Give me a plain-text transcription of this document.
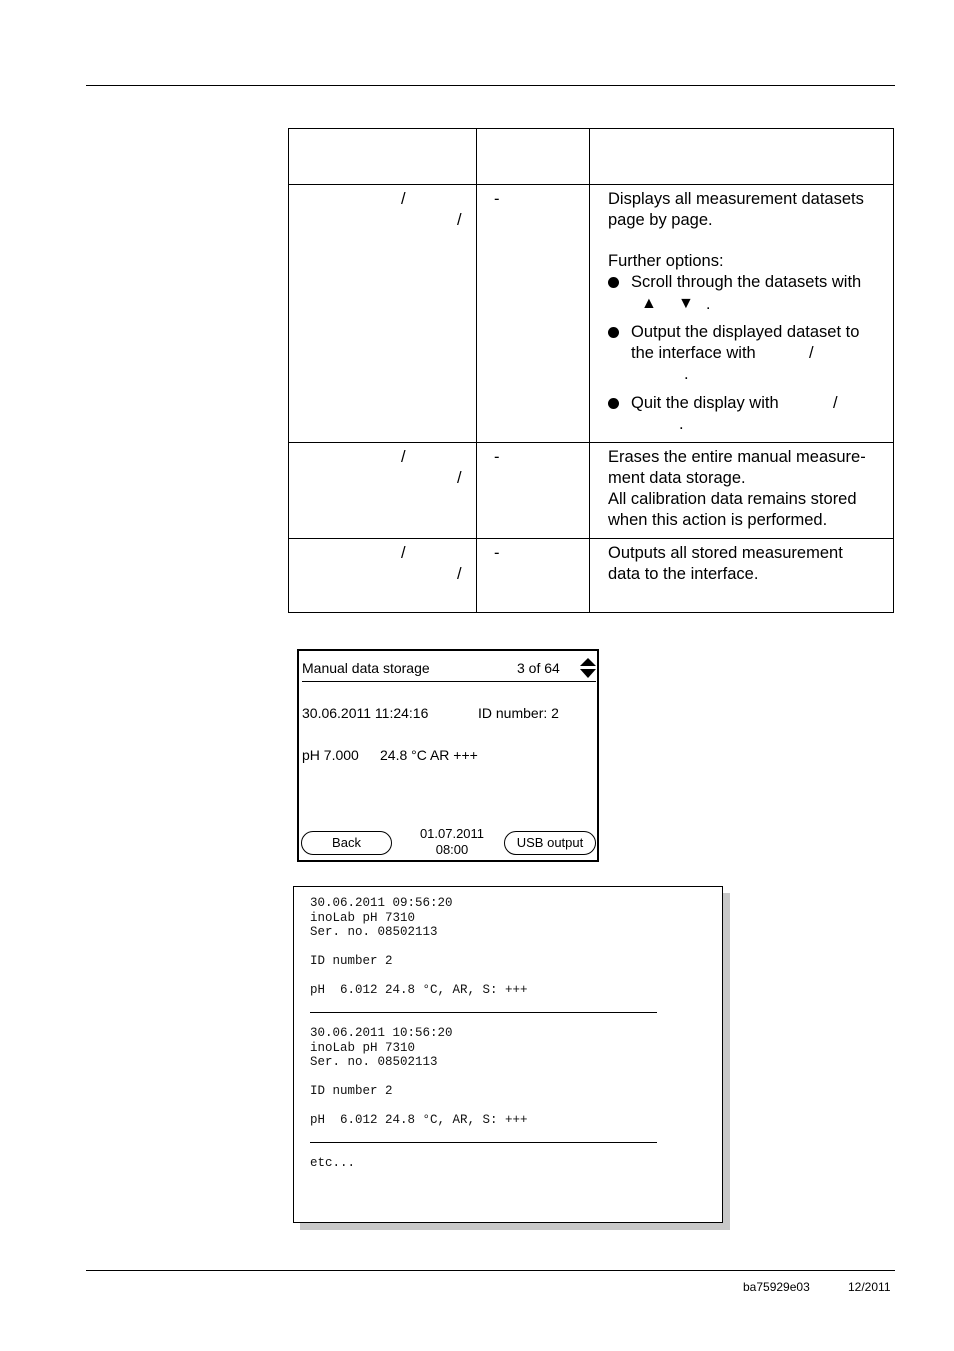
/
/
-	Displays all measurement datasets
page by page.
Further options:
Scroll through the datasets with
▲ ▼ .
Output the displayed dataset to
the interface with	/
.
Quit the display with	/
.
/
/
-	Erases the entire manual measure-
ment data storage.
All calibration data remains stored
when this action is performed.
/
/
-	Outputs all stored measurement
data to the interface.
Manual data storage	3 of 64
30.06.2011 11:24:16	ID number: 2
pH 7.000 24.8 °C AR +++
Back
01.07.2011
08:00	USB output
30.06.2011 09:56:20
inoLab pH 7310
Ser. no. 08502113
ID number 2
pH  6.012 24.8 °C, AR, S: +++
30.06.2011 10:56:20
inoLab pH 7310
Ser. no. 08502113
ID number 2
pH  6.012 24.8 °C, AR, S: +++
etc...
ba75929e03	12/2011
